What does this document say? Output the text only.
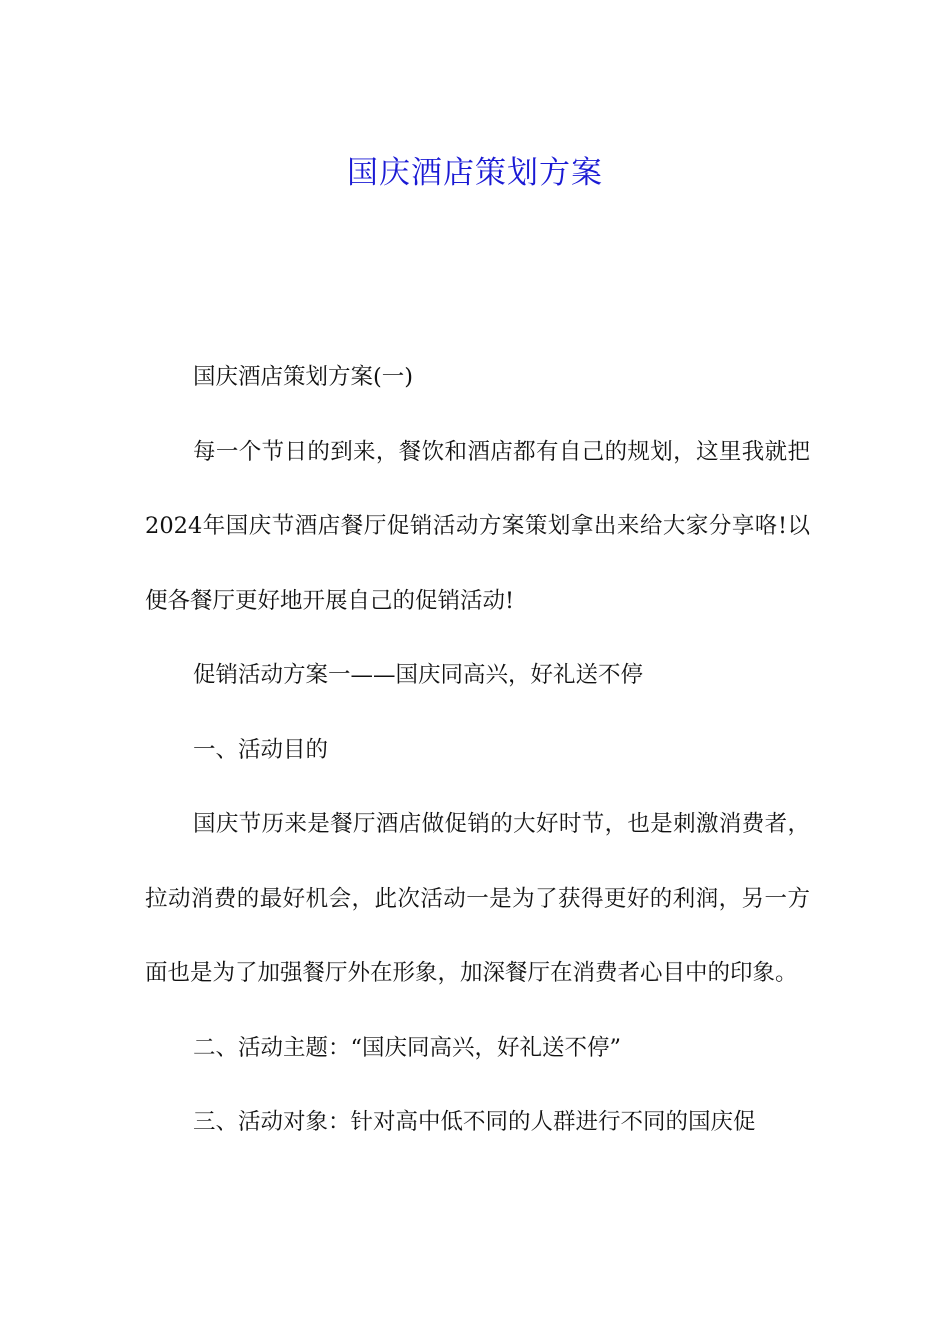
国庆酒店策划方案

国庆酒店策划方案(一)

每一个节日的到来，餐饮和酒店都有自己的规划，这里我就把2024年国庆节酒店餐厅促销活动方案策划拿出来给大家分享咯!以便各餐厅更好地开展自己的促销活动!

促销活动方案一——国庆同高兴，好礼送不停

一、活动目的

国庆节历来是餐厅酒店做促销的大好时节，也是刺激消费者，拉动消费的最好机会，此次活动一是为了获得更好的利润，另一方面也是为了加强餐厅外在形象，加深餐厅在消费者心目中的印象。

二、活动主题：“国庆同高兴，好礼送不停”

三、活动对象：针对高中低不同的人群进行不同的国庆促
